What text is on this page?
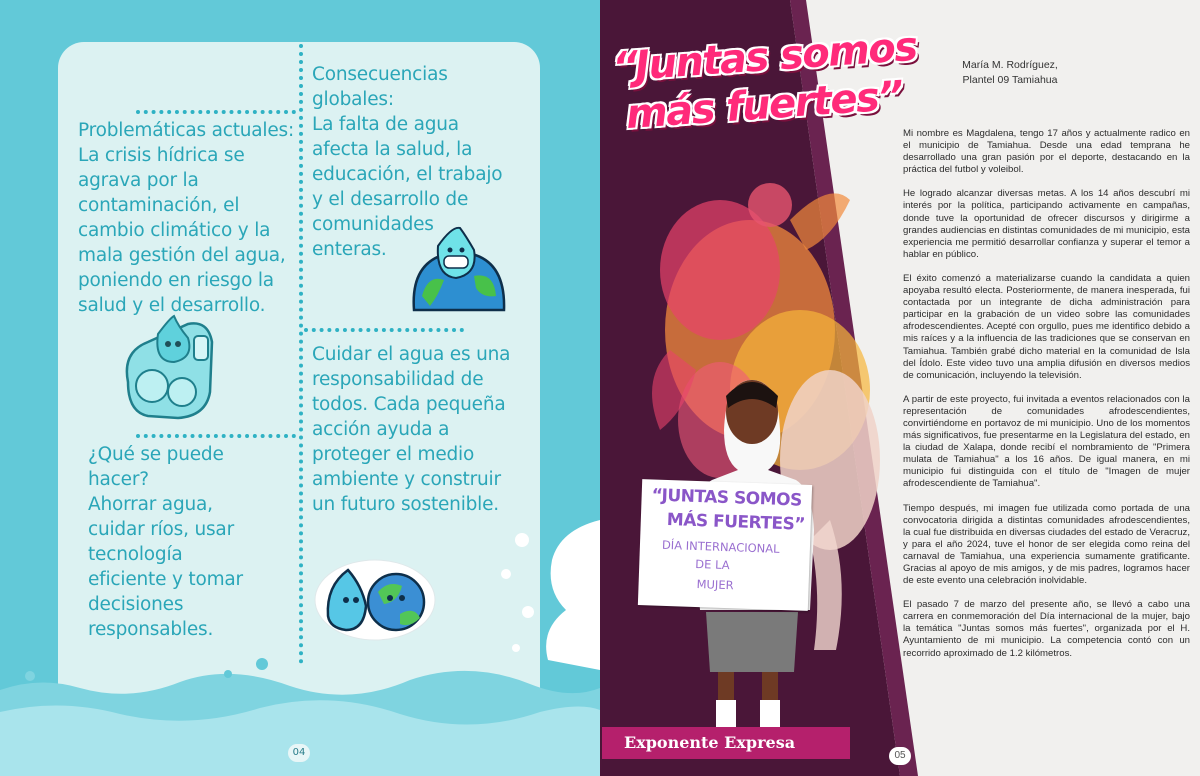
Problemáticas actuales:
La crisis hídrica se
agrava por la
contaminación, el
cambio climático y la
mala gestión del agua,
poniendo en riesgo la
salud y el desarrollo.
Consecuencias
globales:
La falta de agua
afecta la salud, la
educación, el trabajo
y el desarrollo de
comunidades
enteras.
Cuidar el agua es una
responsabilidad de
todos. Cada pequeña
acción ayuda a
proteger el medio
ambiente y construir
un futuro sostenible.
¿Qué se puede
hacer?
Ahorrar agua,
cuidar ríos, usar
tecnología
eficiente y tomar
decisiones
responsables.
04
“Juntas somos
más fuertes”
María M. Rodríguez,
Plantel 09 Tamiahua
“JUNTAS SOMOS
MÁS FUERTES”
DÍA INTERNACIONAL
DE LA
MUJER

Mi nombre es Magdalena, tengo 17 años y actualmente radico en el municipio de Tamiahua. Desde una edad temprana he desarrollado una gran pasión por el deporte, destacando en la práctica del futbol y voleibol.

He logrado alcanzar diversas metas. A los 14 años descubrí mi interés por la política, participando activamente en campañas, donde tuve la oportunidad de ofrecer discursos y dirigirme a grandes audiencias en distintas comunidades de mi municipio, esta experiencia me permitió desarrollar confianza y superar el temor a hablar en público.

El éxito comenzó a materializarse cuando la candidata a quien apoyaba resultó electa. Posteriormente, de manera inesperada, fui contactada por un integrante de dicha administración para participar en la grabación de un video sobre las comunidades afrodescendientes. Acepté con orgullo, pues me identifico debido a mis raíces y a la influencia de las tradiciones que se conservan en Tamiahua. También grabé dicho material en la comunidad de Isla del Ídolo. Este video tuvo una amplia difusión en diversos medios de comunicación, incluyendo la televisión.

A partir de este proyecto, fui invitada a eventos relacionados con la representación de comunidades afrodescendientes, convirtiéndome en portavoz de mi municipio. Uno de los momentos más significativos, fue presentarme en la Legislatura del estado, en la ciudad de Xalapa, donde recibí el nombramiento de "Primera mulata de Tamiahua" a los 16 años. De igual manera, en mi municipio fui distinguida con el título de "Imagen de mujer afrodescendiente de Tamiahua".

Tiempo después, mi imagen fue utilizada como portada de una convocatoria dirigida a distintas comunidades afrodescendientes, la cual fue distribuida en diversas ciudades del estado de Veracruz, y para el año 2024, tuve el honor de ser elegida como reina del carnaval de Tamiahua, una experiencia sumamente gratificante. Gracias al apoyo de mis amigos, y de mis padres, logramos hacer de este evento una celebración inolvidable.

El pasado 7 de marzo del presente año, se llevó a cabo una carrera en conmemoración del Día internacional de la mujer, bajo la temática "Juntas somos más fuertes", organizada por el H. Ayuntamiento de mi municipio. La competencia contó con un recorrido aproximado de 1.2 kilómetros.

Exponente Expresa
05
